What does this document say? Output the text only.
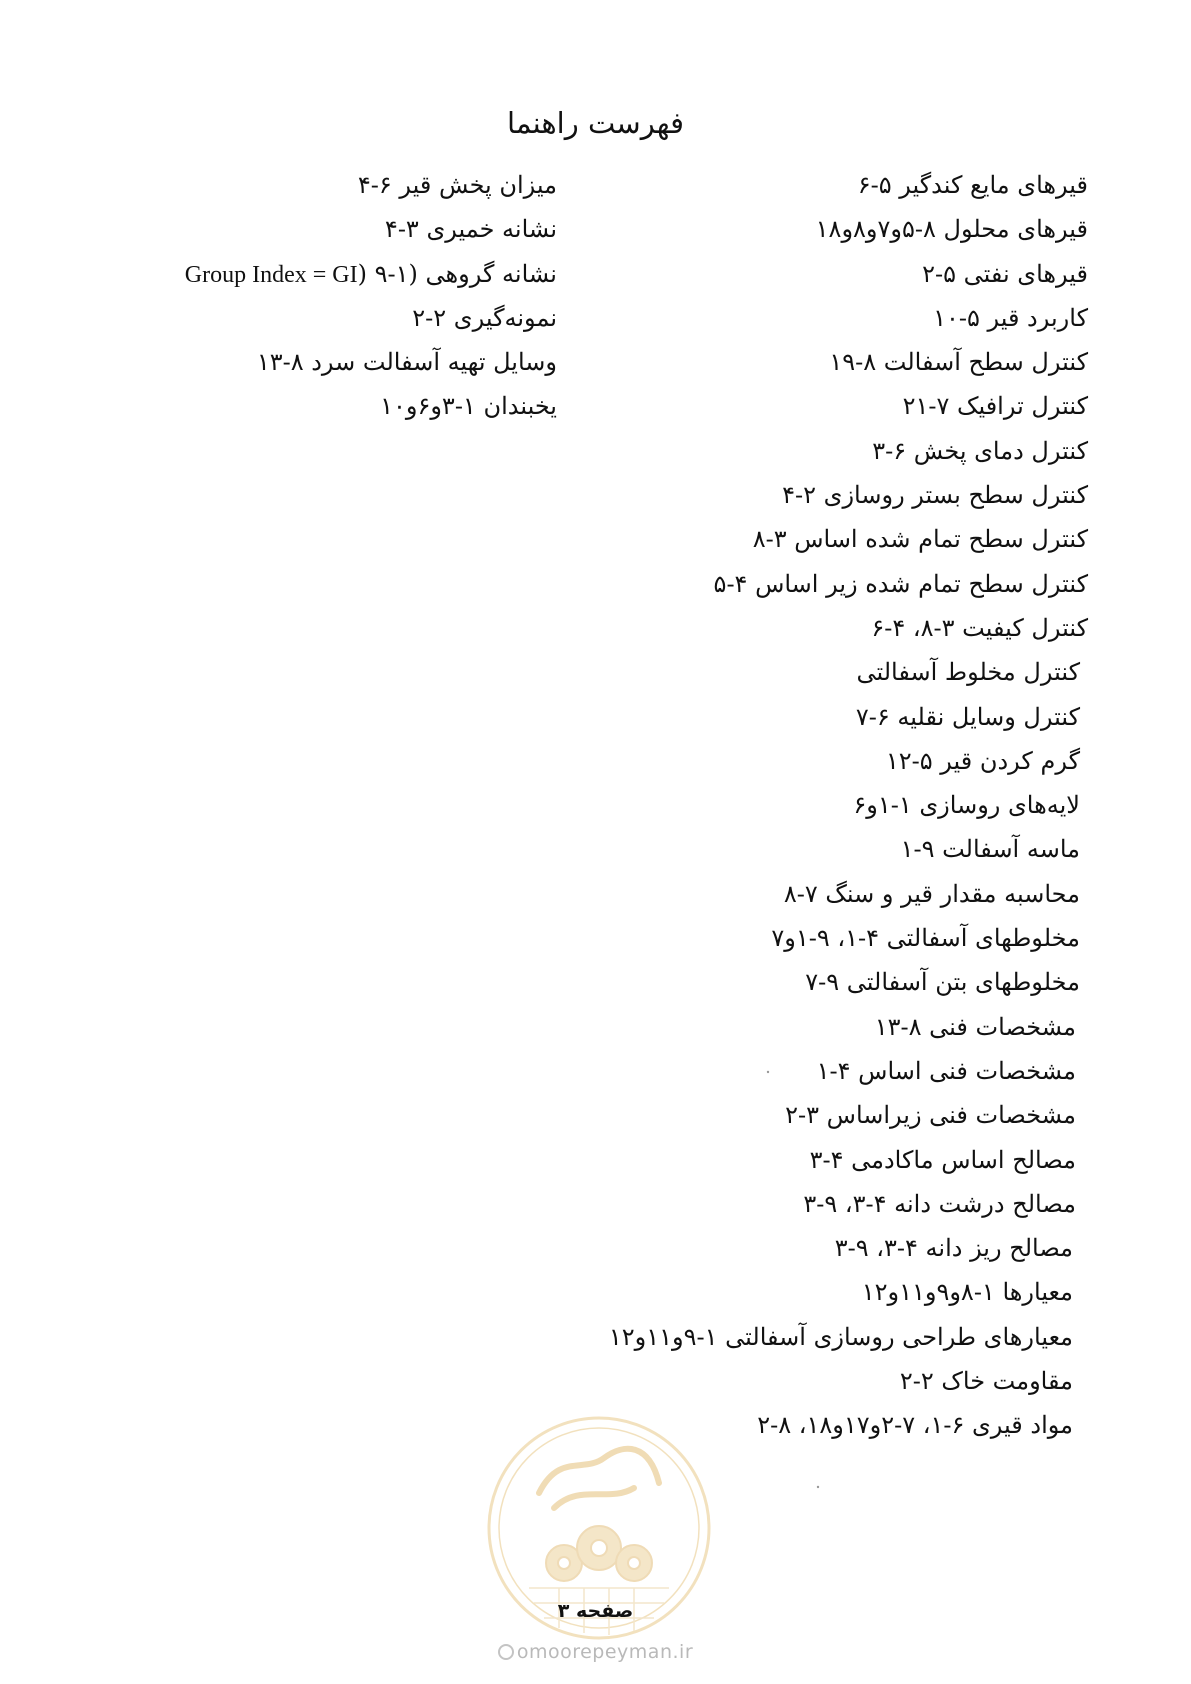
فهرست راهنما
قیرهای مایع کندگیر ۵-۶
قیرهای محلول ۸-۵و۷و۸و۱۸
قیرهای نفتی ۵-۲
کاربرد قیر ۵-۱۰
کنترل سطح آسفالت ۸-۱۹
کنترل ترافیک ۷-۲۱
کنترل دمای پخش ۶-۳
کنترل سطح بستر روسازی ۲-۴
کنترل سطح تمام شده اساس ۳-۸
کنترل سطح تمام شده زیر اساس ۴-۵
کنترل کیفیت ۳-۸، ۴-۶
کنترل مخلوط آسفالتی
کنترل وسایل نقلیه ۶-۷
گرم کردن قیر ۵-۱۲
لایه‌های روسازی ۱-۱و۶
ماسه آسفالت ۹-۱
محاسبه مقدار قیر و سنگ ۷-۸
مخلوطهای آسفالتی ۴-۱، ۹-۱و۷
مخلوطهای بتن آسفالتی ۹-۷
مشخصات فنی ۸-۱۳
مشخصات فنی اساس ۴-۱
مشخصات فنی زیراساس ۳-۲
مصالح اساس ماکادمی ۴-۳
مصالح درشت دانه ۴-۳، ۹-۳
مصالح ریز دانه ۴-۳، ۹-۳
معیارها ۱-۸و۹و۱۱و۱۲
معیارهای طراحی روسازی آسفالتی ۱-۹و۱۱و۱۲
مقاومت خاک ۲-۲
مواد قیری ۶-۱، ۷-۲و۱۷و۱۸، ۸-۲
میزان پخش قیر ۶-۴
نشانه خمیری ۳-۴
نشانه گروهی (Group Index = GI) ۹-۱
نمونه‌گیری ۲-۲
وسایل تهیه آسفالت سرد ۸-۱۳
یخبندان ۱-۳و۶و۱۰
صفحه ۳
omoorepeyman.ir
